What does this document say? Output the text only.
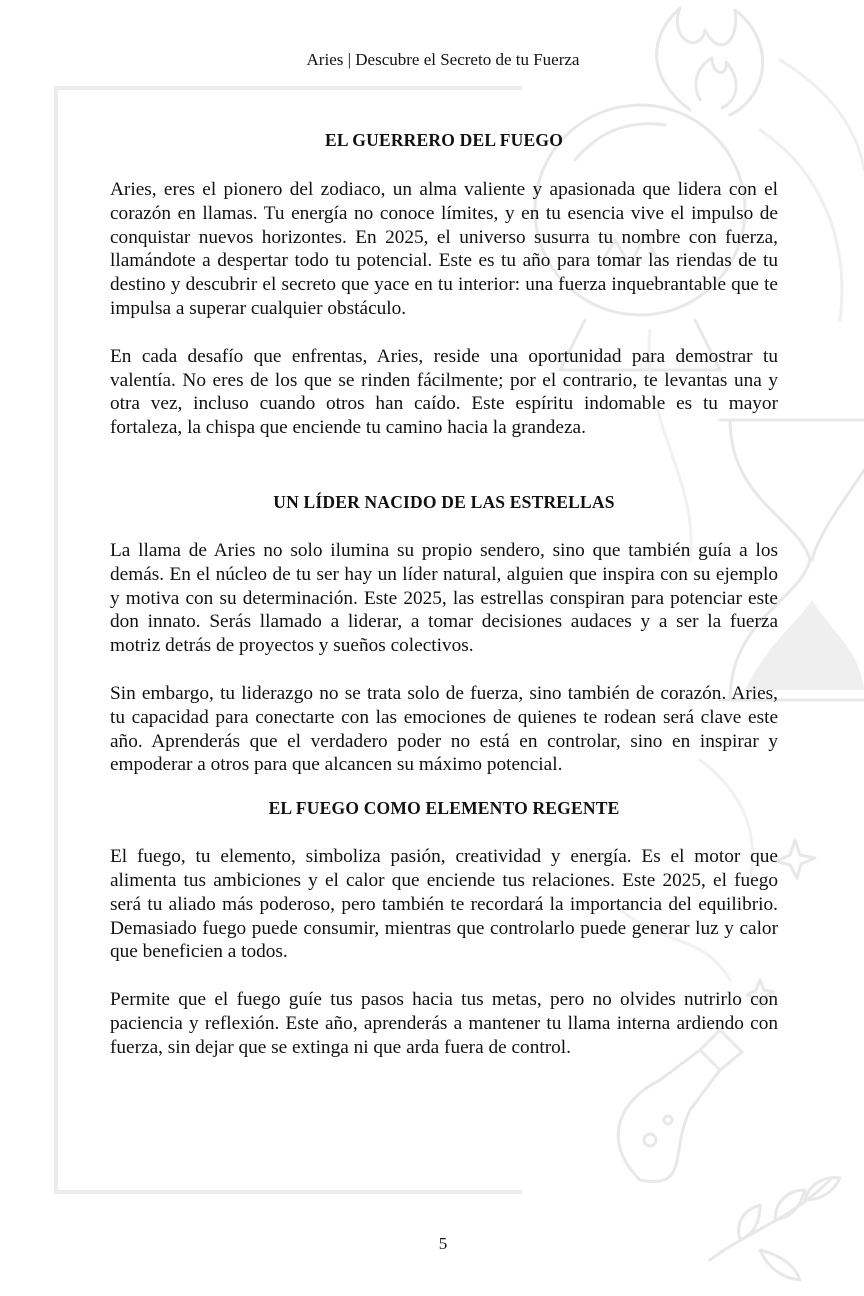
Aries | Descubre el Secreto de tu Fuerza
EL GUERRERO DEL FUEGO

Aries, eres el pionero del zodiaco, un alma valiente y apasionada que lidera con el corazón en llamas. Tu energía no conoce límites, y en tu esencia vive el impulso de conquistar nuevos horizontes. En 2025, el universo susurra tu nombre con fuerza, llamándote a despertar todo tu potencial. Este es tu año para tomar las riendas de tu destino y descubrir el secreto que yace en tu interior: una fuerza inquebrantable que te impulsa a superar cualquier obstáculo.

En cada desafío que enfrentas, Aries, reside una oportunidad para demostrar tu valentía. No eres de los que se rinden fácilmente; por el contrario, te levantas una y otra vez, incluso cuando otros han caído. Este espíritu indomable es tu mayor fortaleza, la chispa que enciende tu camino hacia la grandeza.

UN LÍDER NACIDO DE LAS ESTRELLAS

La llama de Aries no solo ilumina su propio sendero, sino que también guía a los demás. En el núcleo de tu ser hay un líder natural, alguien que inspira con su ejemplo y motiva con su determinación. Este 2025, las estrellas conspiran para potenciar este don innato. Serás llamado a liderar, a tomar decisiones audaces y a ser la fuerza motriz detrás de proyectos y sueños colectivos.

Sin embargo, tu liderazgo no se trata solo de fuerza, sino también de corazón. Aries, tu capacidad para conectarte con las emociones de quienes te rodean será clave este año. Aprenderás que el verdadero poder no está en controlar, sino en inspirar y empoderar a otros para que alcancen su máximo potencial.

EL FUEGO COMO ELEMENTO REGENTE

El fuego, tu elemento, simboliza pasión, creatividad y energía. Es el motor que alimenta tus ambiciones y el calor que enciende tus relaciones. Este 2025, el fuego será tu aliado más poderoso, pero también te recordará la importancia del equilibrio. Demasiado fuego puede consumir, mientras que controlarlo puede generar luz y calor que beneficien a todos.

Permite que el fuego guíe tus pasos hacia tus metas, pero no olvides nutrirlo con paciencia y reflexión. Este año, aprenderás a mantener tu llama interna ardiendo con fuerza, sin dejar que se extinga ni que arda fuera de control.

5
